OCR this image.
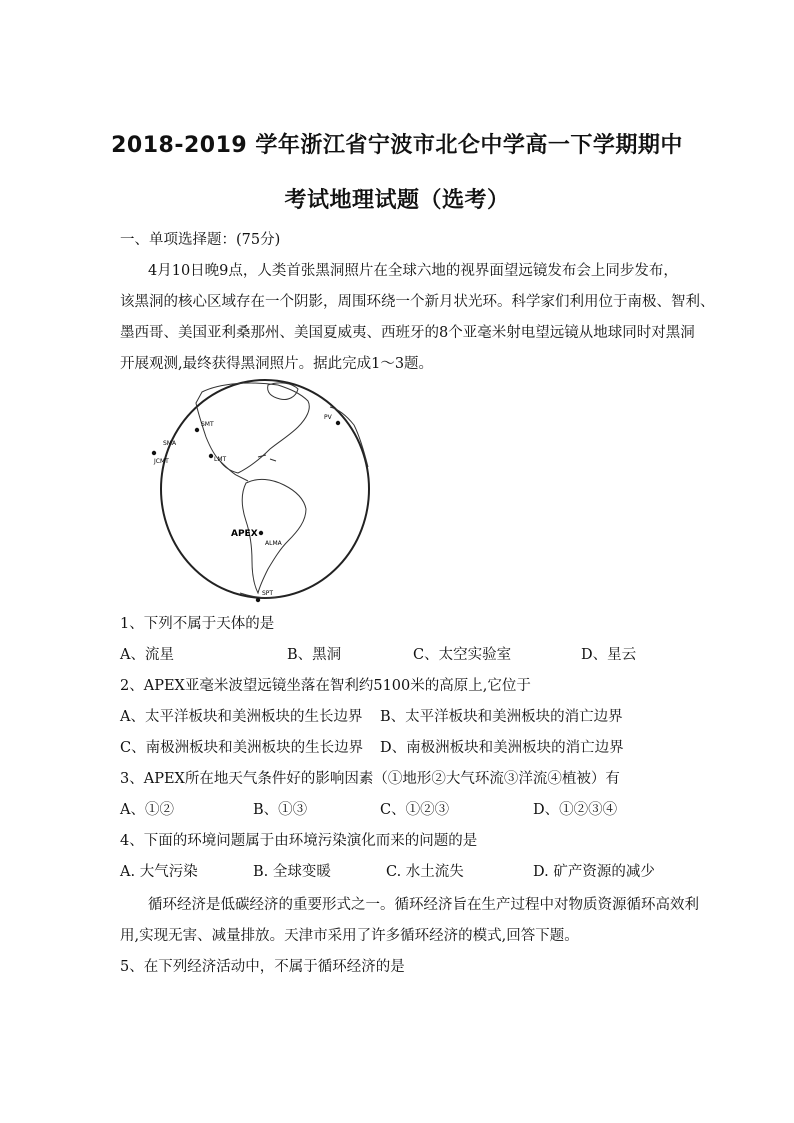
2018-2019 学年浙江省宁波市北仑中学高一下学期期中
考试地理试题（选考）
一、单项选择题：(75分)
4月10日晚9点，人类首张黑洞照片在全球六地的视界面望远镜发布会上同步发布，
该黑洞的核心区域存在一个阴影，周围环绕一个新月状光环。科学家们利用位于南极、智利、
墨西哥、美国亚利桑那州、美国夏威夷、西班牙的8个亚毫米射电望远镜从地球同时对黑洞
开展观测,最终获得黑洞照片。据此完成1～3题。
SMT
SMA
JCMT	LMT
PV
APEX
ALMA
SPT
1、下列不属于天体的是
A、流星	B、黑洞	C、太空实验室	D、星云
2、APEX亚毫米波望远镜坐落在智利约5100米的高原上,它位于
A、太平洋板块和美洲板块的生长边界 B、太平洋板块和美洲板块的消亡边界
C、南极洲板块和美洲板块的生长边界 D、南极洲板块和美洲板块的消亡边界
3、APEX所在地天气条件好的影响因素（①地形②大气环流③洋流④植被）有
A、①②	B、①③	C、①②③	D、①②③④
4、下面的环境问题属于由环境污染演化而来的问题的是
A. 大气污染	B. 全球变暖	C. 水土流失	D. 矿产资源的减少
循环经济是低碳经济的重要形式之一。循环经济旨在生产过程中对物质资源循环高效利
用,实现无害、减量排放。天津市采用了许多循环经济的模式,回答下题。
5、在下列经济活动中，不属于循环经济的是
